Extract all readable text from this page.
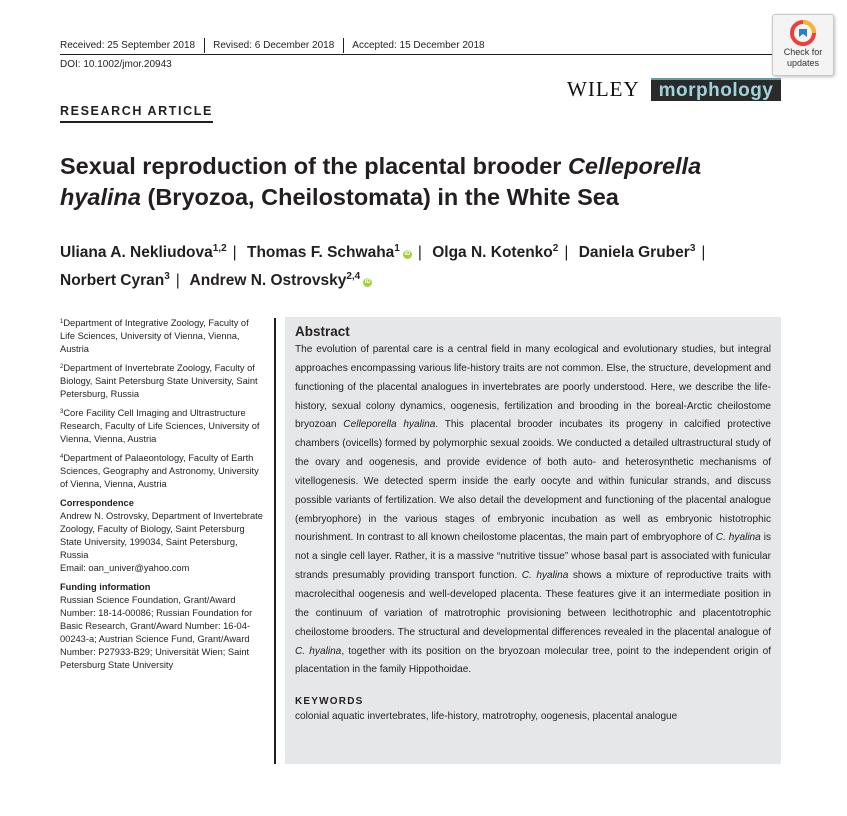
Received: 25 September 2018 Revised: 6 December 2018 Accepted: 15 December 2018
DOI: 10.1002/jmor.20943
Check for
updates
WILEY morphology
RESEARCH ARTICLE
Sexual reproduction of the placental brooder Celleporella
hyalina (Bryozoa, Cheilostomata) in the White Sea
Uliana A. Nekliudova$^{1,2}$ | Thomas F. Schwaha$^1$ iD | Olga N. Kotenko$^2$ | Daniela Gruber$^3$ |
Norbert Cyran$^3$ | Andrew N. Ostrovsky$^{2,4}$ iD

$^1$Department of Integrative Zoology, Faculty of Life Sciences, University of Vienna, Vienna, Austria

$^2$Department of Invertebrate Zoology, Faculty of Biology, Saint Petersburg State University, Saint Petersburg, Russia

$^3$Core Facility Cell Imaging and Ultrastructure Research, Faculty of Life Sciences, University of Vienna, Vienna, Austria

$^4$Department of Palaeontology, Faculty of Earth Sciences, Geography and Astronomy, University of Vienna, Vienna, Austria

Correspondence

Andrew N. Ostrovsky, Department of Invertebrate Zoology, Faculty of Biology, Saint Petersburg State University, 199034, Saint Petersburg, Russia

Email: oan_univer@yahoo.com

Funding information

Russian Science Foundation, Grant/Award Number: 18-14-00086; Russian Foundation for Basic Research, Grant/Award Number: 16-04-00243-a; Austrian Science Fund, Grant/Award Number: P27933-B29; Universität Wien; Saint Petersburg State University

Abstract

The evolution of parental care is a central field in many ecological and evolutionary studies, but integral approaches encompassing various life-history traits are not common. Else, the structure, development and functioning of the placental analogues in invertebrates are poorly understood. Here, we describe the life-history, sexual colony dynamics, oogenesis, fertilization and brooding in the boreal-Arctic cheilostome bryozoan Celleporella hyalina. This placental brooder incubates its progeny in calcified protective chambers (ovicells) formed by polymorphic sexual zooids. We conducted a detailed ultrastructural study of the ovary and oogenesis, and provide evidence of both auto- and heterosynthetic mechanisms of vitellogenesis. We detected sperm inside the early oocyte and within funicular strands, and discuss possible variants of fertilization. We also detail the development and functioning of the placental analogue (embryophore) in the various stages of embryonic incubation as well as embryonic histotrophic nourishment. In contrast to all known cheilostome placentas, the main part of embryophore of C. hyalina is not a single cell layer. Rather, it is a massive “nutritive tissue” whose basal part is associated with funicular strands presumably providing transport function. C. hyalina shows a mixture of reproductive traits with macrolecithal oogenesis and well-developed placenta. These features give it an intermediate position in the continuum of variation of matrotrophic provisioning between lecithotrophic and placentotrophic cheilostome brooders. The structural and developmental differences revealed in the placental analogue of C. hyalina, together with its position on the bryozoan molecular tree, point to the independent origin of placentation in the family Hippothoidae.

KEYWORDS

colonial aquatic invertebrates, life-history, matrotrophy, oogenesis, placental analogue
